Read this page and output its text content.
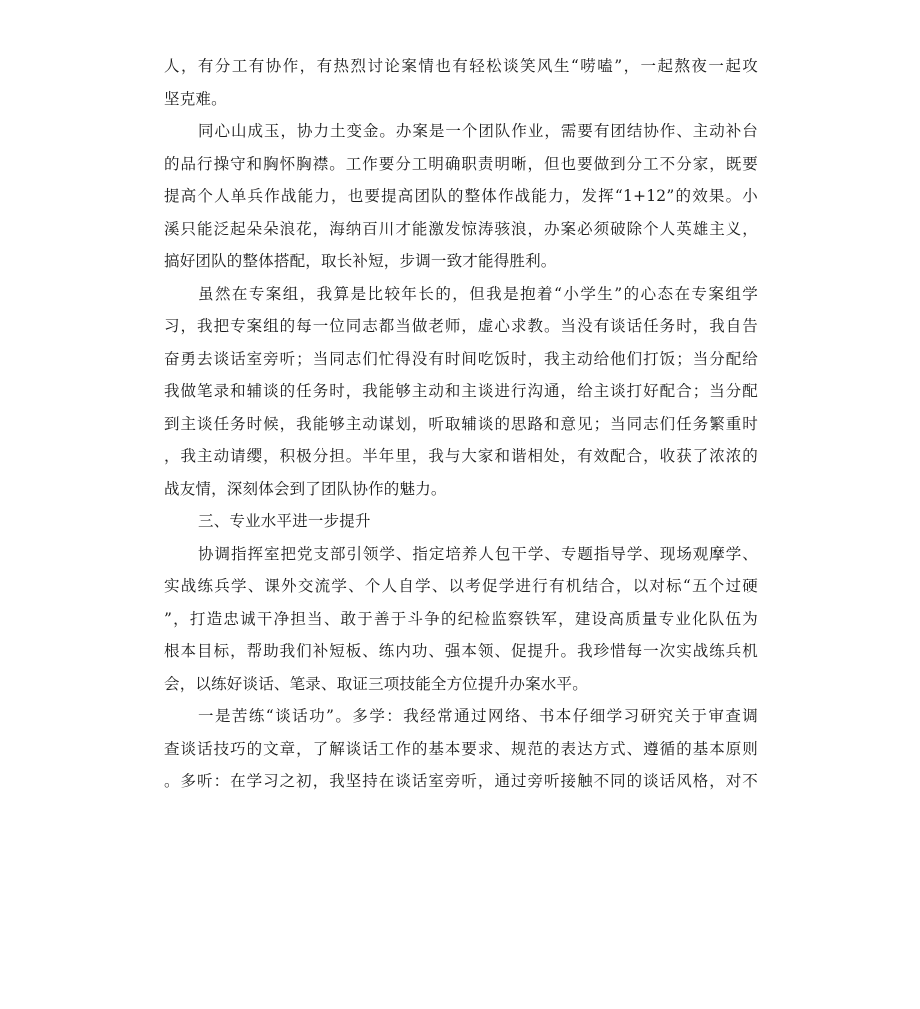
人，有分工有协作，有热烈讨论案情也有轻松谈笑风生“唠嗑”，一起熬夜一起攻
坚克难。
同心山成玉，协力土变金。办案是一个团队作业，需要有团结协作、主动补台
的品行操守和胸怀胸襟。工作要分工明确职责明晰，但也要做到分工不分家，既要
提高个人单兵作战能力，也要提高团队的整体作战能力，发挥“1+12”的效果。小
溪只能泛起朵朵浪花，海纳百川才能激发惊涛骇浪，办案必须破除个人英雄主义，
搞好团队的整体搭配，取长补短，步调一致才能得胜利。
虽然在专案组，我算是比较年长的，但我是抱着“小学生”的心态在专案组学
习，我把专案组的每一位同志都当做老师，虚心求教。当没有谈话任务时，我自告
奋勇去谈话室旁听；当同志们忙得没有时间吃饭时，我主动给他们打饭；当分配给
我做笔录和辅谈的任务时，我能够主动和主谈进行沟通，给主谈打好配合；当分配
到主谈任务时候，我能够主动谋划，听取辅谈的思路和意见；当同志们任务繁重时
，我主动请缨，积极分担。半年里，我与大家和谐相处，有效配合，收获了浓浓的
战友情，深刻体会到了团队协作的魅力。
三、专业水平进一步提升
协调指挥室把党支部引领学、指定培养人包干学、专题指导学、现场观摩学、
实战练兵学、课外交流学、个人自学、以考促学进行有机结合，以对标“五个过硬
”，打造忠诚干净担当、敢于善于斗争的纪检监察铁军，建设高质量专业化队伍为
根本目标，帮助我们补短板、练内功、强本领、促提升。我珍惜每一次实战练兵机
会，以练好谈话、笔录、取证三项技能全方位提升办案水平。
一是苦练“谈话功”。多学：我经常通过网络、书本仔细学习研究关于审查调
查谈话技巧的文章，了解谈话工作的基本要求、规范的表达方式、遵循的基本原则
。多听：在学习之初，我坚持在谈话室旁听，通过旁听接触不同的谈话风格，对不
